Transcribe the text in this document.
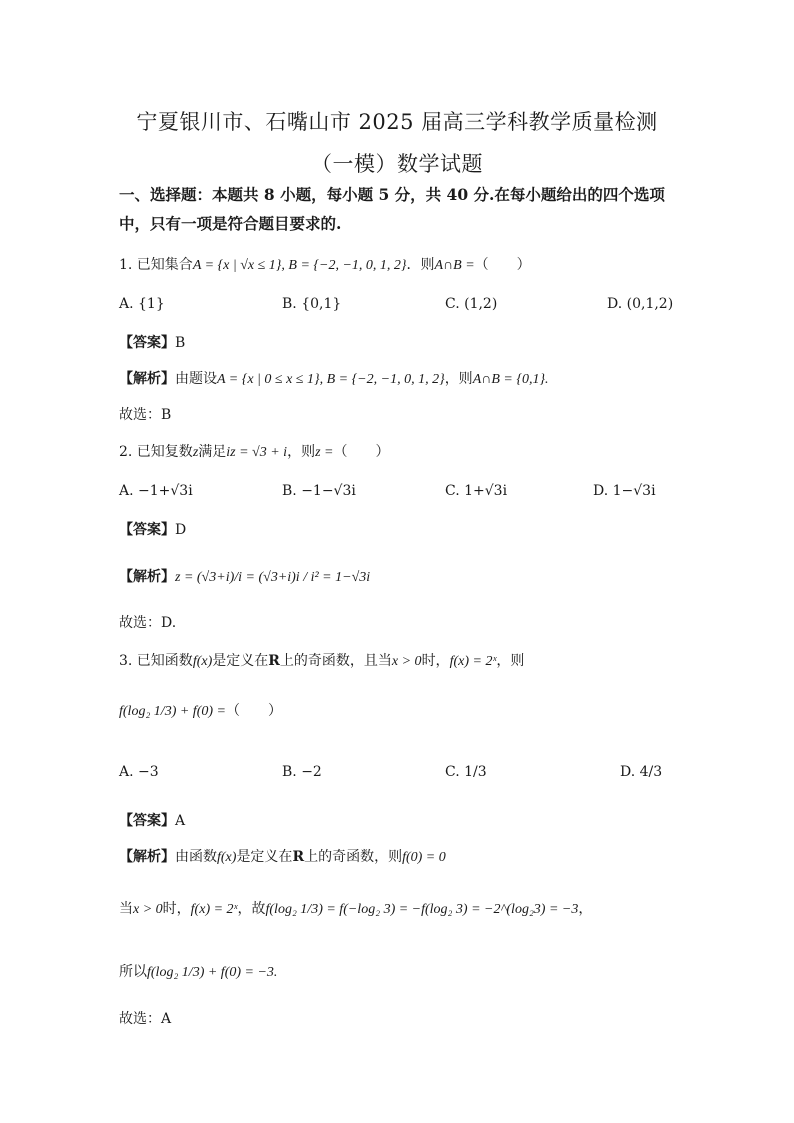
宁夏银川市、石嘴山市 2025 届高三学科教学质量检测
（一模）数学试题
一、选择题：本题共 8 小题，每小题 5 分，共 40 分.在每小题给出的四个选项中，只有一项是符合题目要求的.
1. 已知集合A = {x | √x ≤ 1}, B = {−2, −1, 0, 1, 2}．则A∩B =（　　）
A. {1}	B. {0,1}	C. (1,2)	D. (0,1,2)
【答案】B
【解析】由题设A = {x | 0 ≤ x ≤ 1}, B = {−2, −1, 0, 1, 2}，则A∩B = {0,1}.
故选：B
2. 已知复数z满足iz = √3 + i，则z =（　　）
A. −1+√3i	B. −1−√3i	C. 1+√3i	D. 1−√3i
【答案】D
【解析】z = (√3+i)/i = (√3+i)i / i² = 1−√3i
故选：D.
3. 已知函数f(x)是定义在R上的奇函数，且当x > 0时，f(x) = 2ˣ，则
f(log₂ 1/3) + f(0) =（　　）
A. −3	B. −2	C. 1/3	D. 4/3
【答案】A
【解析】由函数f(x)是定义在R上的奇函数，则f(0) = 0
当x > 0时，f(x) = 2ˣ，故f(log₂ 1/3) = f(−log₂ 3) = −f(log₂ 3) = −2^(log₂3) = −3，
所以f(log₂ 1/3) + f(0) = −3.
故选：A
